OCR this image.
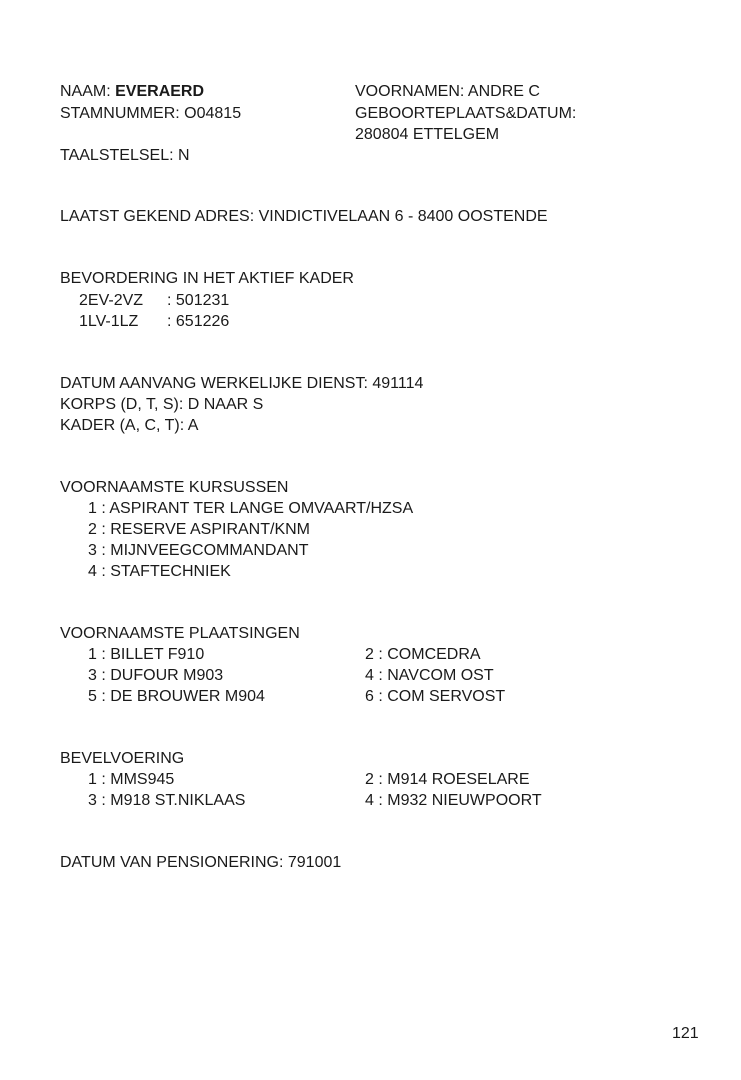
NAAM: EVERAERD
STAMNUMMER: O04815
TAALSTELSEL: N
VOORNAMEN: ANDRE C
GEBOORTEPLAATS&DATUM:
280804 ETTELGEM
LAATST GEKEND ADRES: VINDICTIVELAAN 6 - 8400 OOSTENDE
BEVORDERING IN HET AKTIEF KADER
2EV-2VZ : 501231
1LV-1LZ : 651226
DATUM AANVANG WERKELIJKE DIENST: 491114
KORPS (D, T, S): D NAAR S
KADER (A, C, T): A
VOORNAAMSTE KURSUSSEN
1 : ASPIRANT TER LANGE OMVAART/HZSA
2 : RESERVE ASPIRANT/KNM
3 : MIJNVEEGCOMMANDANT
4 : STAFTECHNIEK
VOORNAAMSTE PLAATSINGEN
1 : BILLET F910
3 : DUFOUR M903
5 : DE BROUWER M904
2 : COMCEDRA
4 : NAVCOM OST
6 : COM SERVOST
BEVELVOERING
1 : MMS945
3 : M918 ST.NIKLAAS
2 : M914 ROESELARE
4 : M932 NIEUWPOORT
DATUM VAN PENSIONERING: 791001
121
